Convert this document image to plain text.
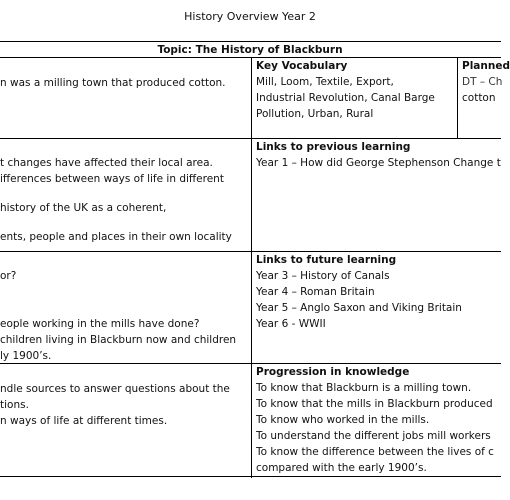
History Overview Year 2
Topic: The History of Blackburn
n was a milling town that produced cotton.
Key Vocabulary
Mill, Loom, Textile, Export,
Industrial Revolution, Canal Barge
Pollution, Urban, Rural
Planned
DT – Ch
cotton
t changes have affected their local area.
ifferences between ways of life in different
history of the UK as a coherent,
ents, people and places in their own locality
Links to previous learning
Year 1 – How did George Stephenson Change t
or?
eople working in the mills have done?
children living in Blackburn now and children
ly 1900’s.
Links to future learning
Year 3 – History of Canals
Year 4 – Roman Britain
Year 5 – Anglo Saxon and Viking Britain
Year 6 - WWII
ndle sources to answer questions about the
tions.
n ways of life at different times.
Progression in knowledge
To know that Blackburn is a milling town.
To know that the mills in Blackburn produced
To know who worked in the mills.
To understand the different jobs mill workers
To know the difference between the lives of c
compared with the early 1900’s.
